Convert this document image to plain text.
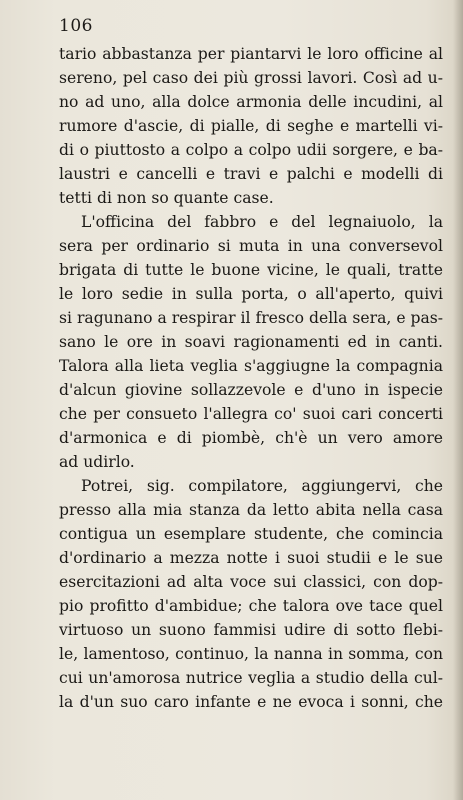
106
tario abbastanza per piantarvi le loro officine al
sereno, pel caso dei più grossi lavori. Così ad u-
no ad uno, alla dolce armonia delle incudini, al
rumore d'ascie, di pialle, di seghe e martelli vi-
di o piuttosto a colpo a colpo udii sorgere, e ba-
laustri e cancelli e travi e palchi e modelli di
tetti di non so quante case.
L'officina del fabbro e del legnaiuolo, la
sera per ordinario si muta in una conversevol
brigata di tutte le buone vicine, le quali, tratte
le loro sedie in sulla porta, o all'aperto, quivi
si ragunano a respirar il fresco della sera, e pas-
sano le ore in soavi ragionamenti ed in canti.
Talora alla lieta veglia s'aggiugne la compagnia
d'alcun giovine sollazzevole e d'uno in ispecie
che per consueto l'allegra co' suoi cari concerti
d'armonica e di piombè, ch'è un vero amore
ad udirlo.
Potrei, sig. compilatore, aggiungervi, che
presso alla mia stanza da letto abita nella casa
contigua un esemplare studente, che comincia
d'ordinario a mezza notte i suoi studii e le sue
esercitazioni ad alta voce sui classici, con dop-
pio profitto d'ambidue; che talora ove tace quel
virtuoso un suono fammisi udire di sotto flebi-
le, lamentoso, continuo, la nanna in somma, con
cui un'amorosa nutrice veglia a studio della cul-
la d'un suo caro infante e ne evoca i sonni, che
